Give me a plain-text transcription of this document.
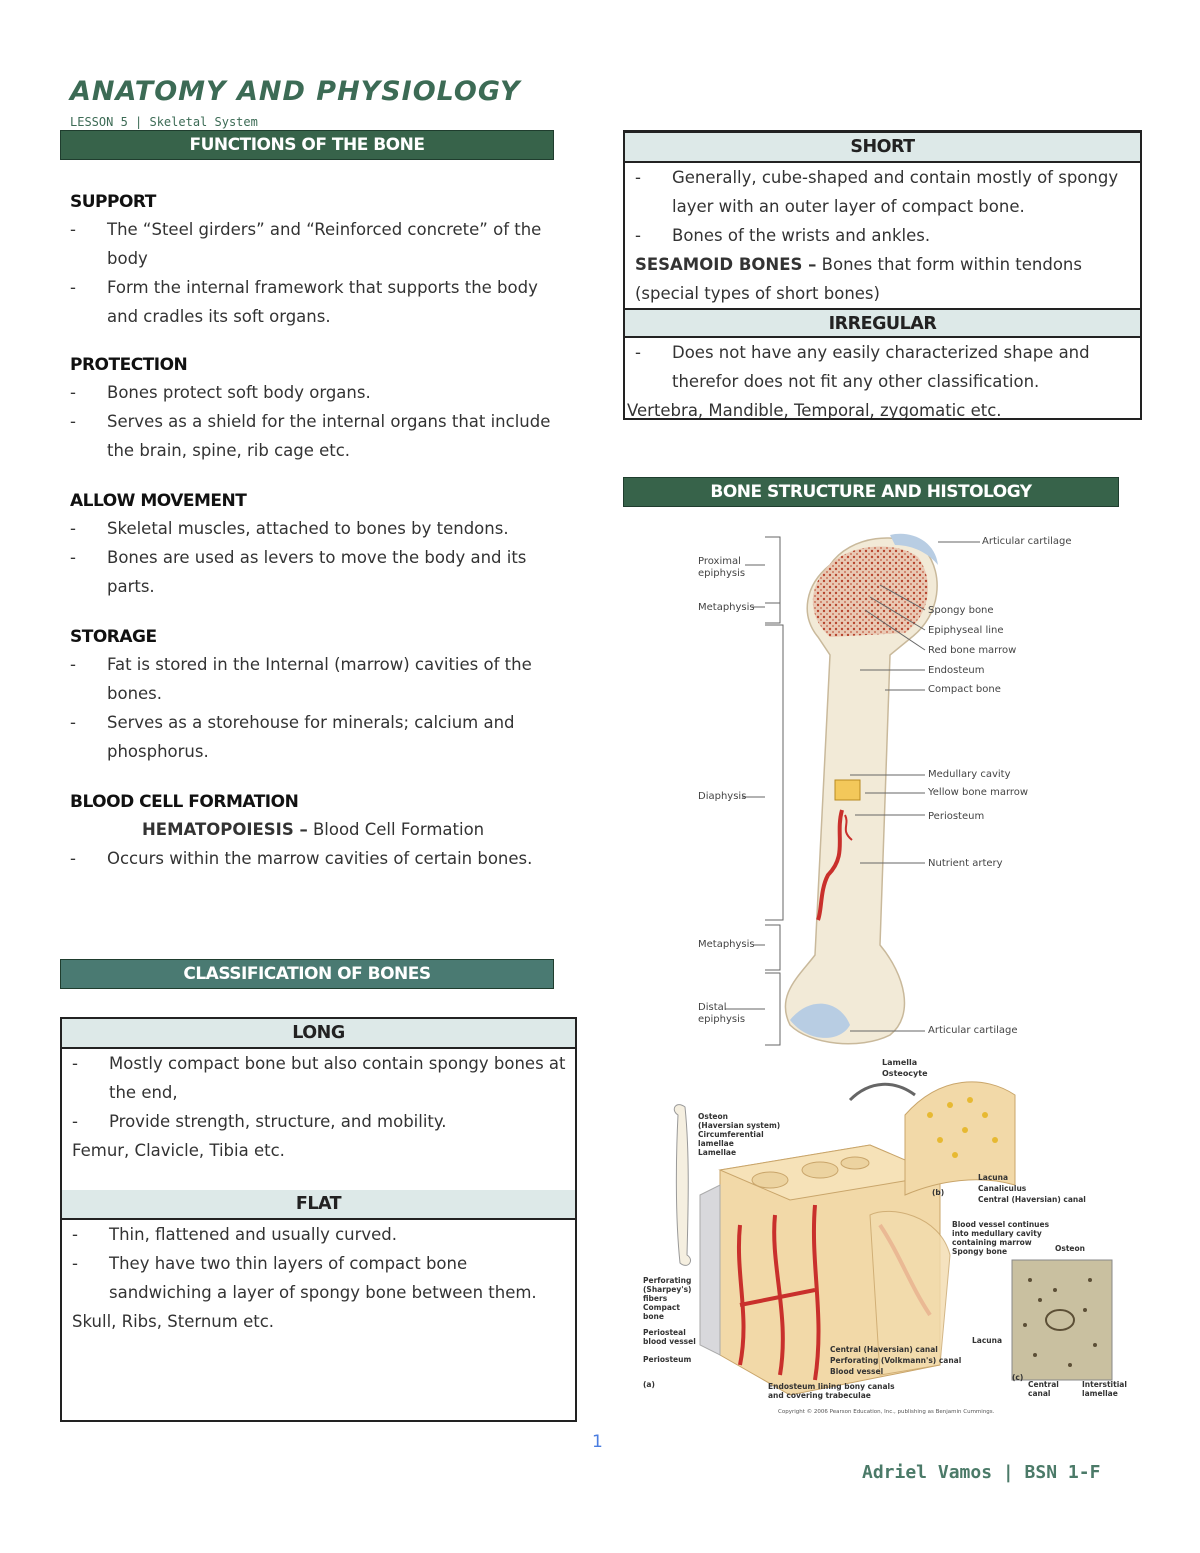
ANATOMY AND PHYSIOLOGY
LESSON 5 | Skeletal System
FUNCTIONS OF THE BONE
SUPPORT
- The “Steel girders” and “Reinforced concrete” of the body
- Form the internal framework that supports the body and cradles its soft organs.
PROTECTION
- Bones protect soft body organs.
- Serves as a shield for the internal organs that include the brain, spine, rib cage etc.
ALLOW MOVEMENT
- Skeletal muscles, attached to bones by tendons.
- Bones are used as levers to move the body and its parts.
STORAGE
- Fat is stored in the Internal (marrow) cavities of the bones.
- Serves as a storehouse for minerals; calcium and phosphorus.
BLOOD CELL FORMATION
HEMATOPOIESIS – Blood Cell Formation
- Occurs within the marrow cavities of certain bones.
CLASSIFICATION OF BONES
LONG
- Mostly compact bone but also contain spongy bones at the end,
- Provide strength, structure, and mobility.
Femur, Clavicle, Tibia etc.
FLAT
- Thin, flattened and usually curved.
- They have two thin layers of compact bone sandwiching a layer of spongy bone between them.
Skull, Ribs, Sternum etc.
SHORT
- Generally, cube-shaped and contain mostly of spongy layer with an outer layer of compact bone.
- Bones of the wrists and ankles.
SESAMOID BONES – Bones that form within tendons (special types of short bones)
IRREGULAR
- Does not have any easily characterized shape and therefor does not fit any other classification.
Vertebra, Mandible, Temporal, zygomatic etc.
BONE STRUCTURE AND HISTOLOGY
Proximal
epiphysis
Metaphysis
Diaphysis
Metaphysis
Distal
epiphysis
Articular cartilage
Spongy bone
Epiphyseal line
Red bone marrow
Endosteum
Compact bone
Medullary cavity
Yellow bone marrow
Periosteum
Nutrient artery
Articular cartilage
Lamella
Osteocyte
Osteon
(Haversian system)
Circumferential
lamellae
Lamellae
Lacuna
Canaliculus
Central (Haversian) canal
(b)
Blood vessel continues
into medullary cavity
containing marrow
Spongy bone	Osteon
Perforating
(Sharpey's)
fibers
Compact
bone
Periosteal
blood vessel
Periosteum
Lacuna
(a)
Central (Haversian) canal
Perforating (Volkmann's) canal
Blood vessel
Endosteum lining bony canals
and covering trabeculae
(c)
Central
canal
Interstitial
lamellae
Copyright © 2006 Pearson Education, Inc., publishing as Benjamin Cummings.
1
Adriel Vamos | BSN 1-F
